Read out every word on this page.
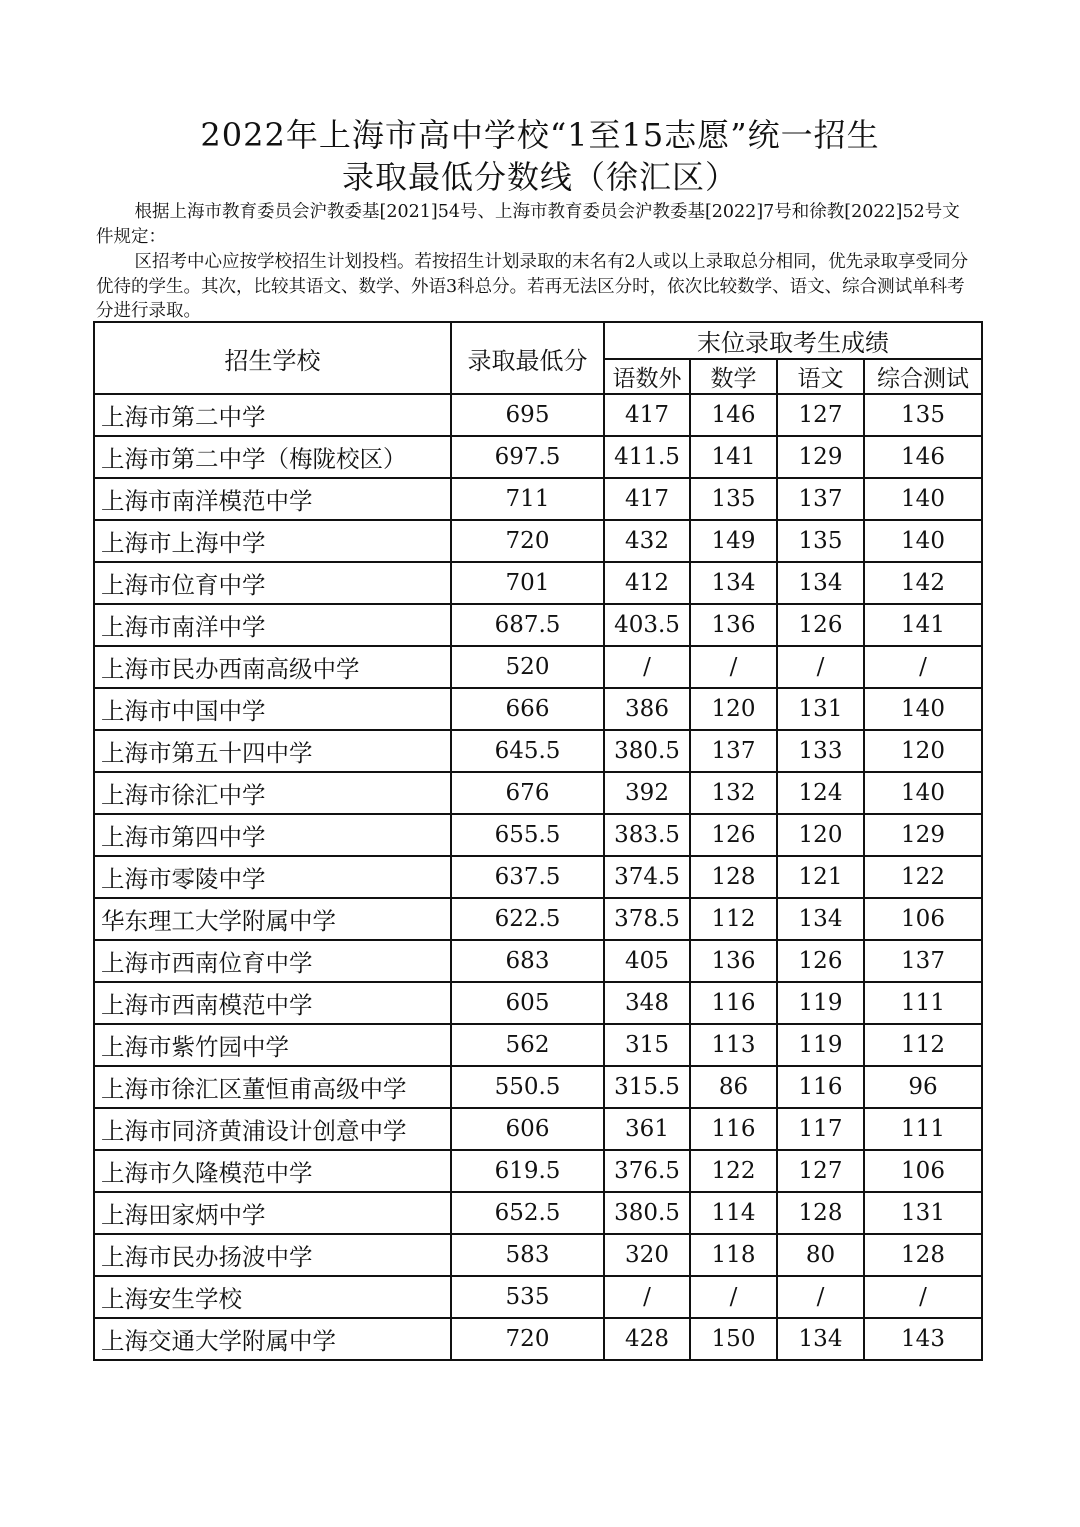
2022年上海市高中学校“1至15志愿”统一招生
录取最低分数线（徐汇区）

根据上海市教育委员会沪教委基[2021]54号、上海市教育委员会沪教委基[2022]7号和徐教[2022]52号文件规定：

区招考中心应按学校招生计划投档。若按招生计划录取的末名有2人或以上录取总分相同，优先录取享受同分优待的学生。其次，比较其语文、数学、外语3科总分。若再无法区分时，依次比较数学、语文、综合测试单科考分进行录取。

招生学校	录取最低分	末位录取考生成绩			
		语数外	数学	语文	综合测试
上海市第二中学	695	417	146	127	135
上海市第二中学（梅陇校区）	697.5	411.5	141	129	146
上海市南洋模范中学	711	417	135	137	140
上海市上海中学	720	432	149	135	140
上海市位育中学	701	412	134	134	142
上海市南洋中学	687.5	403.5	136	126	141
上海市民办西南高级中学	520	/	/	/	/
上海市中国中学	666	386	120	131	140
上海市第五十四中学	645.5	380.5	137	133	120
上海市徐汇中学	676	392	132	124	140
上海市第四中学	655.5	383.5	126	120	129
上海市零陵中学	637.5	374.5	128	121	122
华东理工大学附属中学	622.5	378.5	112	134	106
上海市西南位育中学	683	405	136	126	137
上海市西南模范中学	605	348	116	119	111
上海市紫竹园中学	562	315	113	119	112
上海市徐汇区董恒甫高级中学	550.5	315.5	86	116	96
上海市同济黄浦设计创意中学	606	361	116	117	111
上海市久隆模范中学	619.5	376.5	122	127	106
上海田家炳中学	652.5	380.5	114	128	131
上海市民办扬波中学	583	320	118	80	128
上海安生学校	535	/	/	/	/
上海交通大学附属中学	720	428	150	134	143
